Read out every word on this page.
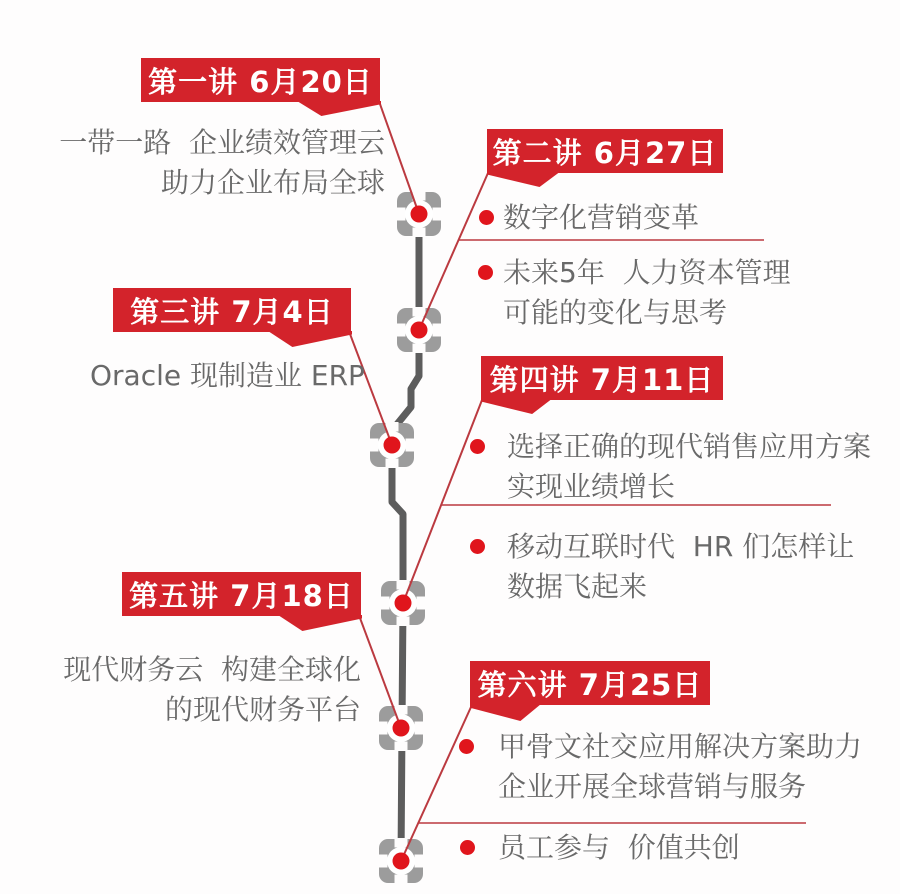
第一讲 6月20日
一带一路  企业绩效管理云
助力企业布局全球
第二讲 6月27日
数字化营销变革
未来5年  人力资本管理
可能的变化与思考
第三讲 7月4日
Oracle 现制造业 ERP	第四讲 7月11日
选择正确的现代销售应用方案
实现业绩增长
移动互联时代  HR 们怎样让
数据飞起来
第五讲 7月18日
现代财务云  构建全球化
的现代财务平台
第六讲 7月25日
甲骨文社交应用解决方案助力
企业开展全球营销与服务
员工参与  价值共创
